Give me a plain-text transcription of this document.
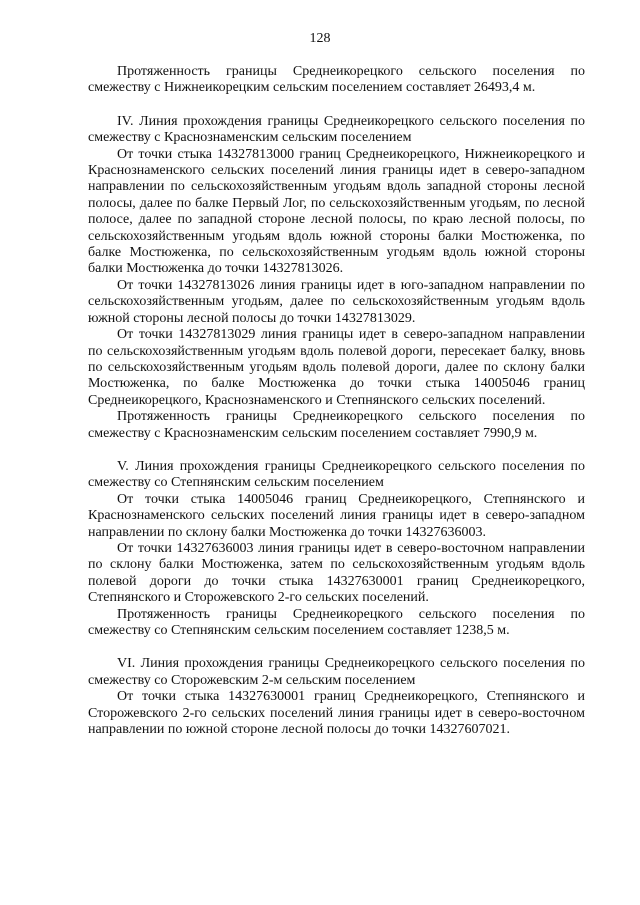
128

Протяженность границы Среднеикорецкого сельского поселения по смежеству с Нижнеикорецким сельским поселением составляет 26493,4 м.

IV. Линия прохождения границы Среднеикорецкого сельского поселения по смежеству с Краснознаменским сельским поселением

От точки стыка 14327813000 границ Среднеикорецкого, Нижнеикорецкого и Краснознаменского сельских поселений линия границы идет в северо-западном направлении по сельскохозяйственным угодьям вдоль западной стороны лесной полосы, далее по балке Первый Лог, по сельскохозяйственным угодьям, по лесной полосе, далее по западной стороне лесной полосы, по краю лесной полосы, по сельскохозяйственным угодьям вдоль южной стороны балки Мостюженка, по балке Мостюженка, по сельскохозяйственным угодьям вдоль южной стороны балки Мостюженка до точки 14327813026.

От точки 14327813026 линия границы идет в юго-западном направлении по сельскохозяйственным угодьям, далее по сельскохозяйственным угодьям вдоль южной стороны лесной полосы до точки 14327813029.

От точки 14327813029 линия границы идет в северо-западном направлении по сельскохозяйственным угодьям вдоль полевой дороги, пересекает балку, вновь по сельскохозяйственным угодьям вдоль полевой дороги, далее по склону балки Мостюженка, по балке Мостюженка до точки стыка 14005046 границ Среднеикорецкого, Краснознаменского и Степнянского сельских поселений.

Протяженность границы Среднеикорецкого сельского поселения по смежеству с Краснознаменским сельским поселением составляет 7990,9 м.

V. Линия прохождения границы Среднеикорецкого сельского поселения по смежеству со Степнянским сельским поселением

От точки стыка 14005046 границ Среднеикорецкого, Степнянского и Краснознаменского сельских поселений линия границы идет в северо-западном направлении по склону балки Мостюженка до точки 14327636003.

От точки 14327636003 линия границы идет в северо-восточном направлении по склону балки Мостюженка, затем по сельскохозяйственным угодьям вдоль полевой дороги до точки стыка 14327630001 границ Среднеикорецкого, Степнянского и Сторожевского 2-го сельских поселений.

Протяженность границы Среднеикорецкого сельского поселения по смежеству со Степнянским сельским поселением составляет 1238,5 м.

VI. Линия прохождения границы Среднеикорецкого сельского поселения по смежеству со Сторожевским 2-м сельским поселением

От точки стыка 14327630001 границ Среднеикорецкого, Степнянского и Сторожевского 2-го сельских поселений линия границы идет в северо-восточном направлении по южной стороне лесной полосы до точки 14327607021.
